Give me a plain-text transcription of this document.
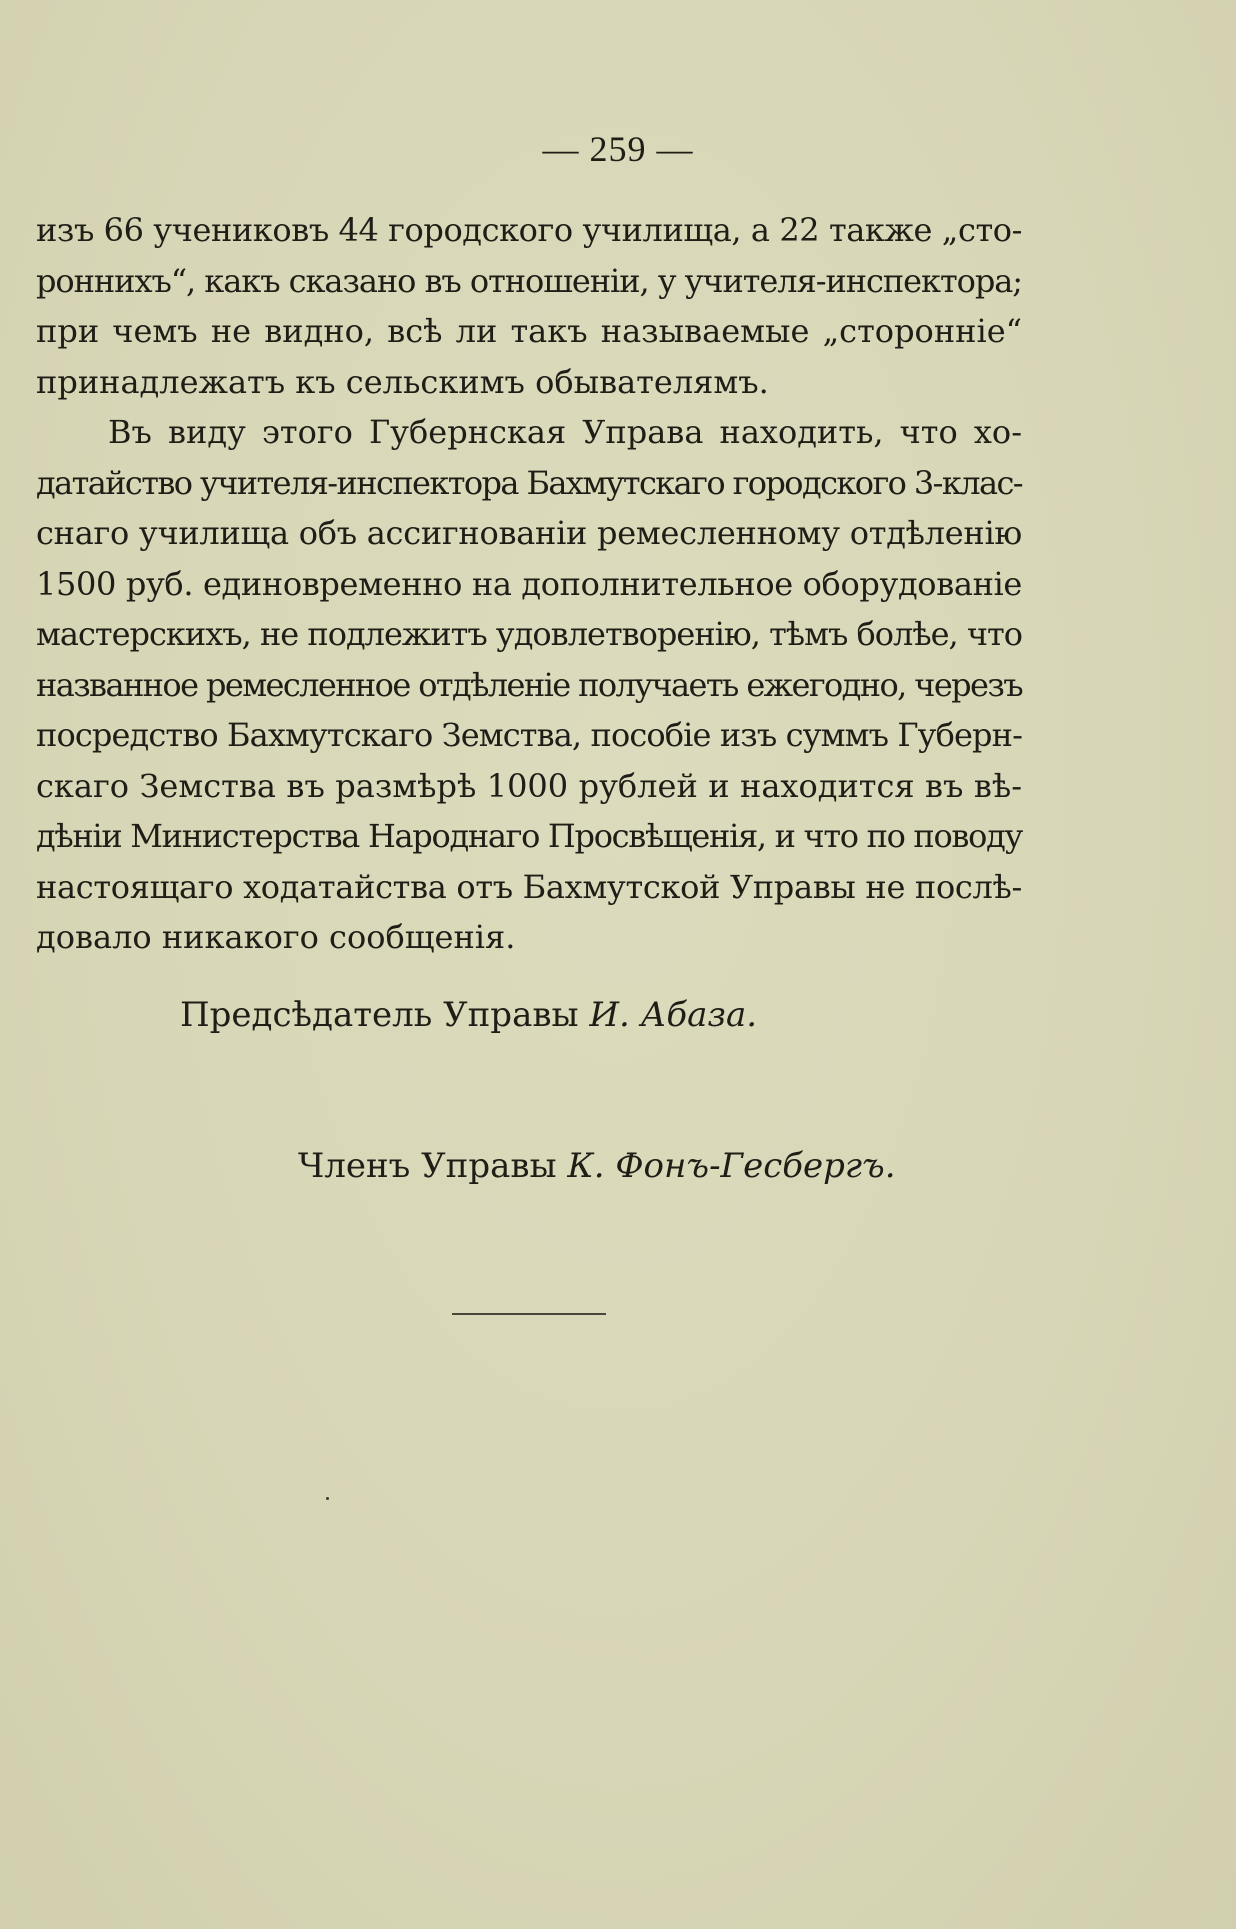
— 259 —
изъ 66 учениковъ 44 городского училища, а 22 также „сто-
роннихъ“, какъ сказано въ отношеніи, у учителя-инспектора;
при чемъ не видно, всѣ ли такъ называемые „сторонніе“
принадлежатъ къ сельскимъ обывателямъ.
Въ виду этого Губернская Управа находить, что хо-
датайство учителя-инспектора Бахмутскаго городского 3-клас-
снаго училища объ ассигнованіи ремесленному отдѣленію
1500 руб. единовременно на дополнительное оборудованіе
мастерскихъ, не подлежитъ удовлетворенію, тѣмъ болѣе, что
названное ремесленное отдѣленіе получаеть ежегодно, черезъ
посредство Бахмутскаго Земства, пособіе изъ суммъ Губерн-
скаго Земства въ размѣрѣ 1000 рублей и находится въ вѣ-
дѣніи Министерства Народнаго Просвѣщенія, и что по поводу
настоящаго ходатайства отъ Бахмутской Управы не послѣ-
довало никакого сообщенія.
Предсѣдатель Управы И. Абаза.
Членъ Управы К. Фонъ-Гесбергъ.
